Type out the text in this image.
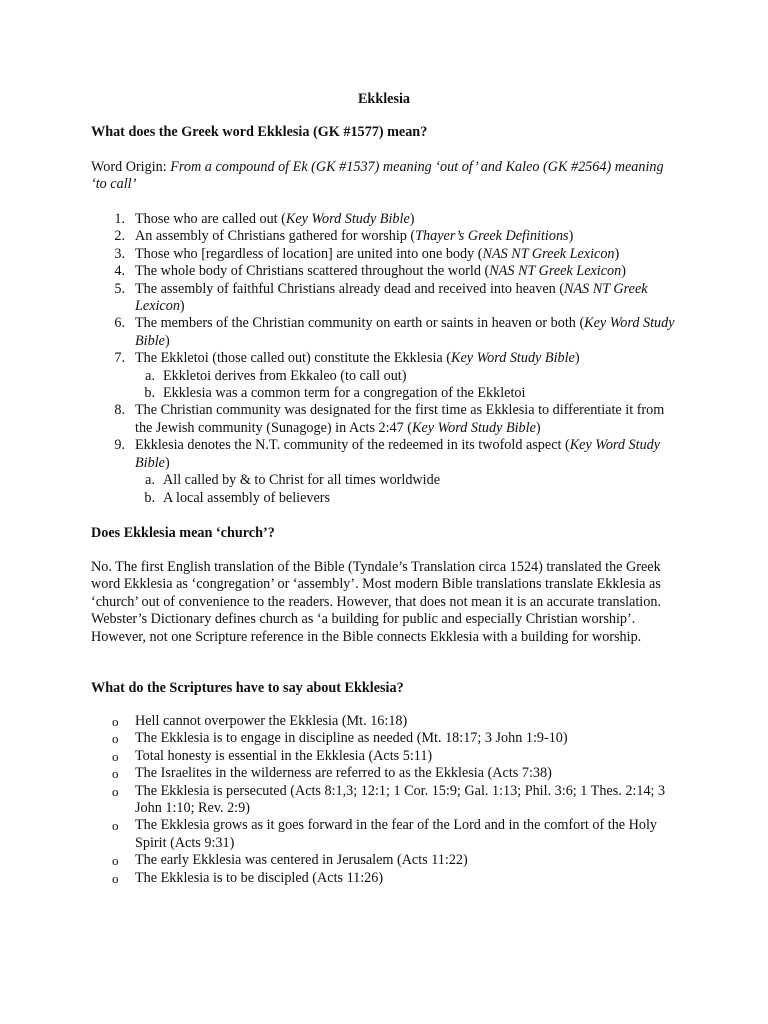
Ekklesia
What does the Greek word Ekklesia (GK #1577) mean?
Word Origin: From a compound of Ek (GK #1537) meaning ‘out of’ and Kaleo (GK #2564) meaning ‘to call’
1. Those who are called out (Key Word Study Bible)
2. An assembly of Christians gathered for worship (Thayer’s Greek Definitions)
3. Those who [regardless of location] are united into one body (NAS NT Greek Lexicon)
4. The whole body of Christians scattered throughout the world (NAS NT Greek Lexicon)
5. The assembly of faithful Christians already dead and received into heaven (NAS NT Greek Lexicon)
6. The members of the Christian community on earth or saints in heaven or both (Key Word Study Bible)
7. The Ekkletoi (those called out) constitute the Ekklesia (Key Word Study Bible)
a. Ekkletoi derives from Ekkaleo (to call out)
b. Ekklesia was a common term for a congregation of the Ekkletoi
8. The Christian community was designated for the first time as Ekklesia to differentiate it from the Jewish community (Sunagoge) in Acts 2:47 (Key Word Study Bible)
9. Ekklesia denotes the N.T. community of the redeemed in its twofold aspect (Key Word Study Bible)
a. All called by & to Christ for all times worldwide
b. A local assembly of believers
Does Ekklesia mean ‘church’?
No. The first English translation of the Bible (Tyndale’s Translation circa 1524) translated the Greek word Ekklesia as ‘congregation’ or ‘assembly’. Most modern Bible translations translate Ekklesia as ‘church’ out of convenience to the readers. However, that does not mean it is an accurate translation. Webster’s Dictionary defines church as ‘a building for public and especially Christian worship’. However, not one Scripture reference in the Bible connects Ekklesia with a building for worship.
What do the Scriptures have to say about Ekklesia?
o Hell cannot overpower the Ekklesia (Mt. 16:18)
o The Ekklesia is to engage in discipline as needed (Mt. 18:17; 3 John 1:9-10)
o Total honesty is essential in the Ekklesia (Acts 5:11)
o The Israelites in the wilderness are referred to as the Ekklesia (Acts 7:38)
o The Ekklesia is persecuted (Acts 8:1,3; 12:1; 1 Cor. 15:9; Gal. 1:13; Phil. 3:6; 1 Thes. 2:14; 3 John 1:10; Rev. 2:9)
o The Ekklesia grows as it goes forward in the fear of the Lord and in the comfort of the Holy Spirit (Acts 9:31)
o The early Ekklesia was centered in Jerusalem (Acts 11:22)
o The Ekklesia is to be discipled (Acts 11:26)
